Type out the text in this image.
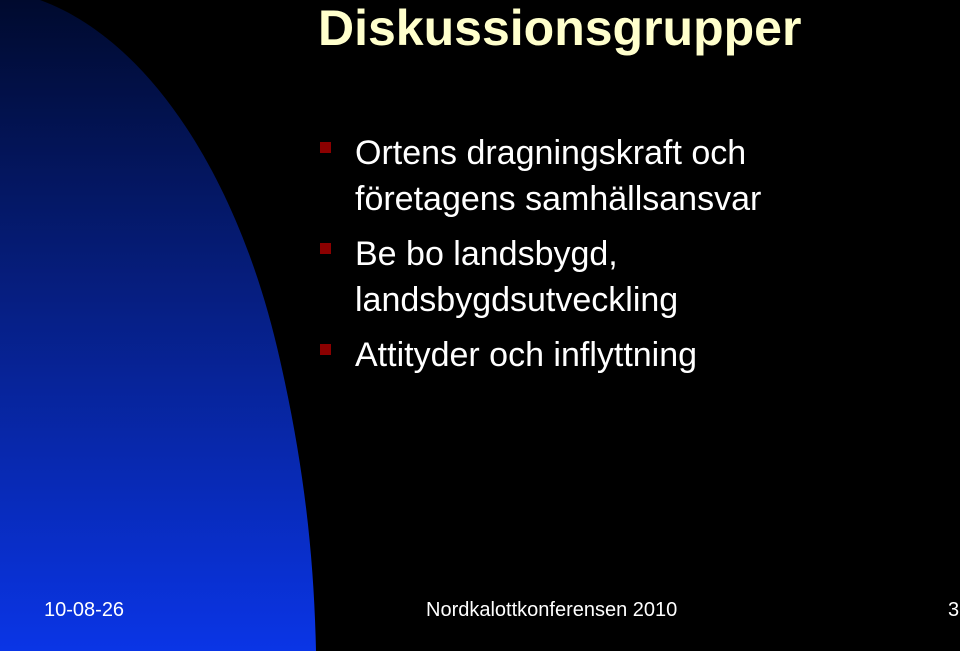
Diskussionsgrupper
Ortens dragningskraft och
företagens samhällsansvar
Be bo landsbygd,
landsbygdsutveckling
Attityder och inflyttning
10-08-26	Nordkalottkonferensen 2010	3
